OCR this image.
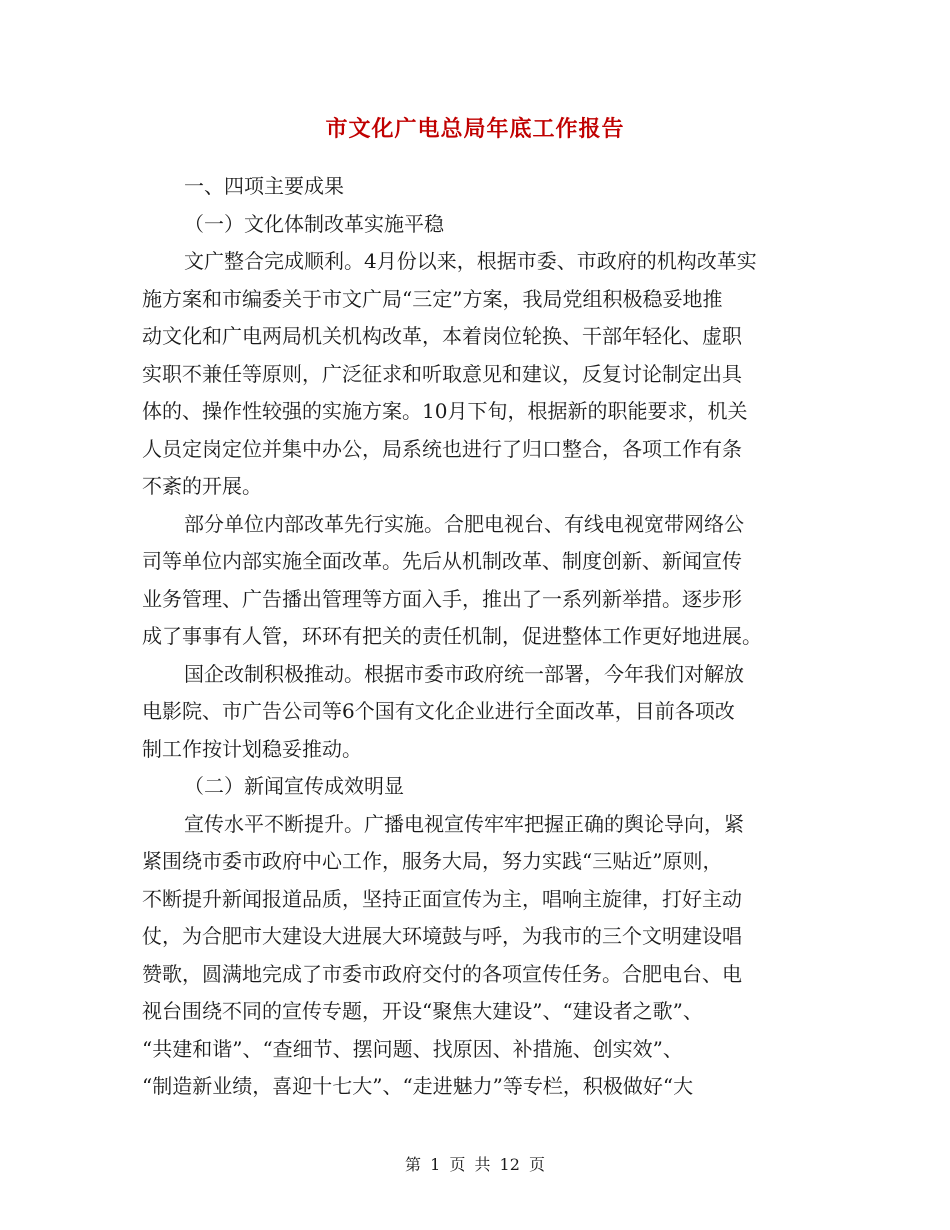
市文化广电总局年底工作报告
一、四项主要成果
（一）文化体制改革实施平稳
文广整合完成顺利。4月份以来，根据市委、市政府的机构改革实
施方案和市编委关于市文广局“三定”方案，我局党组积极稳妥地推
动文化和广电两局机关机构改革，本着岗位轮换、干部年轻化、虚职
实职不兼任等原则，广泛征求和听取意见和建议，反复讨论制定出具
体的、操作性较强的实施方案。10月下旬，根据新的职能要求，机关
人员定岗定位并集中办公，局系统也进行了归口整合，各项工作有条
不紊的开展。
部分单位内部改革先行实施。合肥电视台、有线电视宽带网络公
司等单位内部实施全面改革。先后从机制改革、制度创新、新闻宣传
业务管理、广告播出管理等方面入手，推出了一系列新举措。逐步形
成了事事有人管，环环有把关的责任机制，促进整体工作更好地进展。
国企改制积极推动。根据市委市政府统一部署，今年我们对解放
电影院、市广告公司等6个国有文化企业进行全面改革，目前各项改
制工作按计划稳妥推动。
（二）新闻宣传成效明显
宣传水平不断提升。广播电视宣传牢牢把握正确的舆论导向，紧
紧围绕市委市政府中心工作，服务大局，努力实践“三贴近”原则，
不断提升新闻报道品质，坚持正面宣传为主，唱响主旋律，打好主动
仗，为合肥市大建设大进展大环境鼓与呼，为我市的三个文明建设唱
赞歌，圆满地完成了市委市政府交付的各项宣传任务。合肥电台、电
视台围绕不同的宣传专题，开设“聚焦大建设”、“建设者之歌”、
“共建和谐”、“查细节、摆问题、找原因、补措施、创实效”、
“制造新业绩，喜迎十七大”、“走进魅力”等专栏，积极做好“大
第 1 页 共 12 页
